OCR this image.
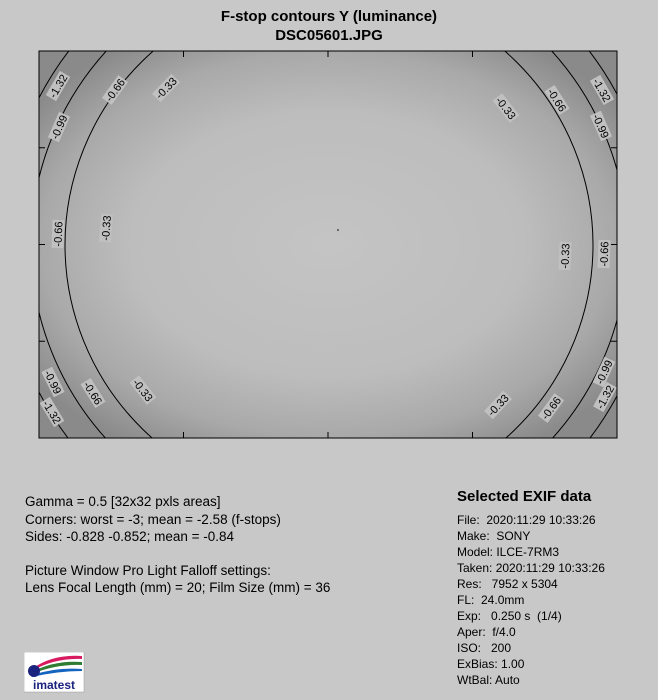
F-stop contours Y (luminance)
DSC05601.JPG
-0.33
-0.33
-0.33
-0.33
-0.33
-0.33
-0.66
-0.66
-0.66
-0.66
-0.66
-0.66
-0.99
-0.99
-0.99
-0.99
-1.32
-1.32
-1.32
-1.32
Gamma = 0.5 [32x32 pxls areas]
Corners: worst = -3; mean = -2.58 (f-stops)
Sides: -0.828 -0.852; mean = -0.84
Picture Window Pro Light Falloff settings:
Lens Focal Length (mm) = 20; Film Size (mm) = 36
Selected EXIF data
File:  2020:11:29 10:33:26
Make:  SONY
Model: ILCE-7RM3
Taken: 2020:11:29 10:33:26
Res:   7952 x 5304
FL:  24.0mm
Exp:   0.250 s  (1/4)
Aper:  f/4.0
ISO:   200
ExBias: 1.00
WtBal: Auto
imatest
